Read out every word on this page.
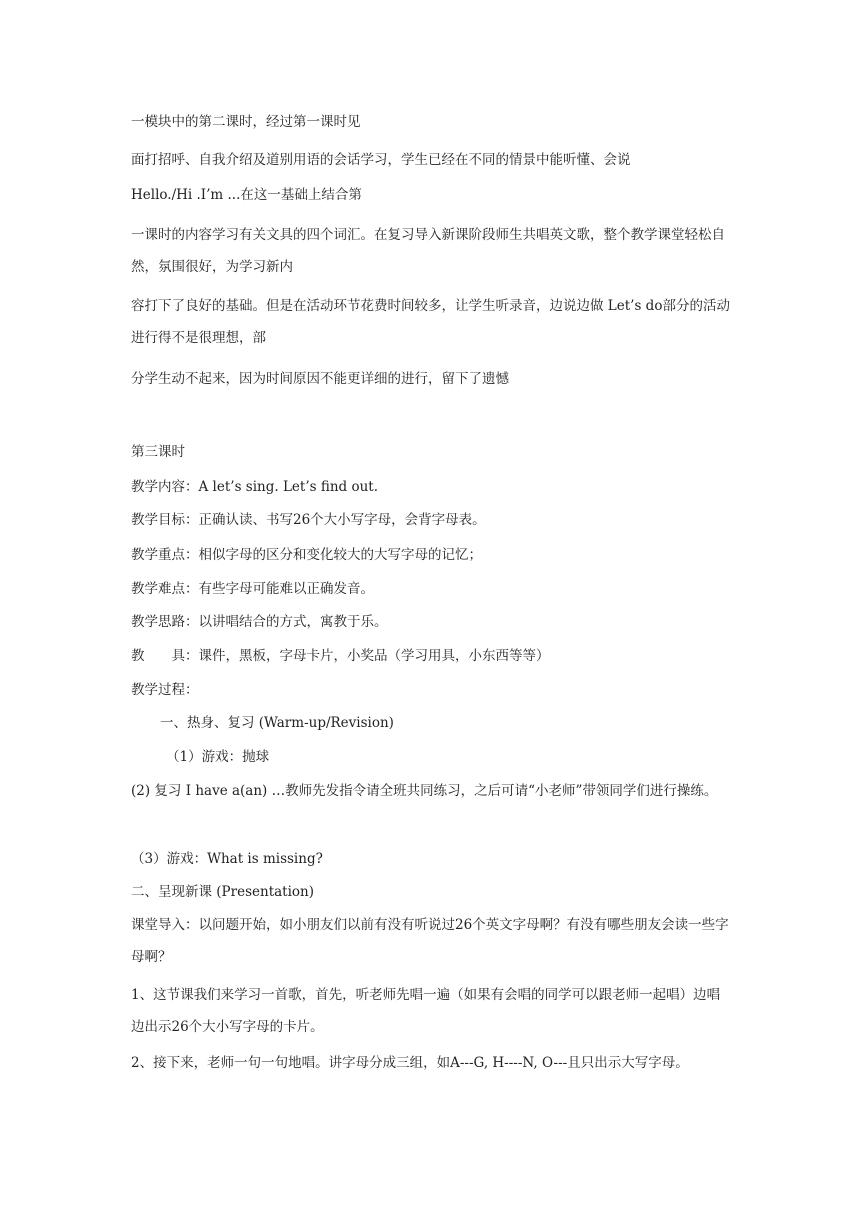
一模块中的第二课时，经过第一课时见
面打招呼、自我介绍及道别用语的会话学习，学生已经在不同的情景中能听懂、会说
Hello./Hi .I’m ...在这一基础上结合第
一课时的内容学习有关文具的四个词汇。在复习导入新课阶段师生共唱英文歌，整个教学课堂轻松自然，氛围很好，为学习新内
容打下了良好的基础。但是在活动环节花费时间较多，让学生听录音，边说边做 Let’s do部分的活动进行得不是很理想，部
分学生动不起来，因为时间原因不能更详细的进行，留下了遗憾
第三课时
教学内容：A let’s sing. Let’s find out.
教学目标：正确认读、书写26个大小写字母，会背字母表。
教学重点：相似字母的区分和变化较大的大写字母的记忆；
教学难点：有些字母可能难以正确发音。
教学思路：以讲唱结合的方式，寓教于乐。
教　　具：课件，黑板，字母卡片，小奖品（学习用具，小东西等等）
教学过程：
一、热身、复习 (Warm-up/Revision)
（1）游戏：抛球
(2) 复习 I have a(an) …教师先发指令请全班共同练习，之后可请“小老师”带领同学们进行操练。
（3）游戏：What is missing?
二、呈现新课 (Presentation)
课堂导入：以问题开始，如小朋友们以前有没有听说过26个英文字母啊？有没有哪些朋友会读一些字母啊？
1、这节课我们来学习一首歌，首先，听老师先唱一遍（如果有会唱的同学可以跟老师一起唱）边唱边出示26个大小写字母的卡片。
2、接下来，老师一句一句地唱。讲字母分成三组，如A---G, H----N, O---且只出示大写字母。
